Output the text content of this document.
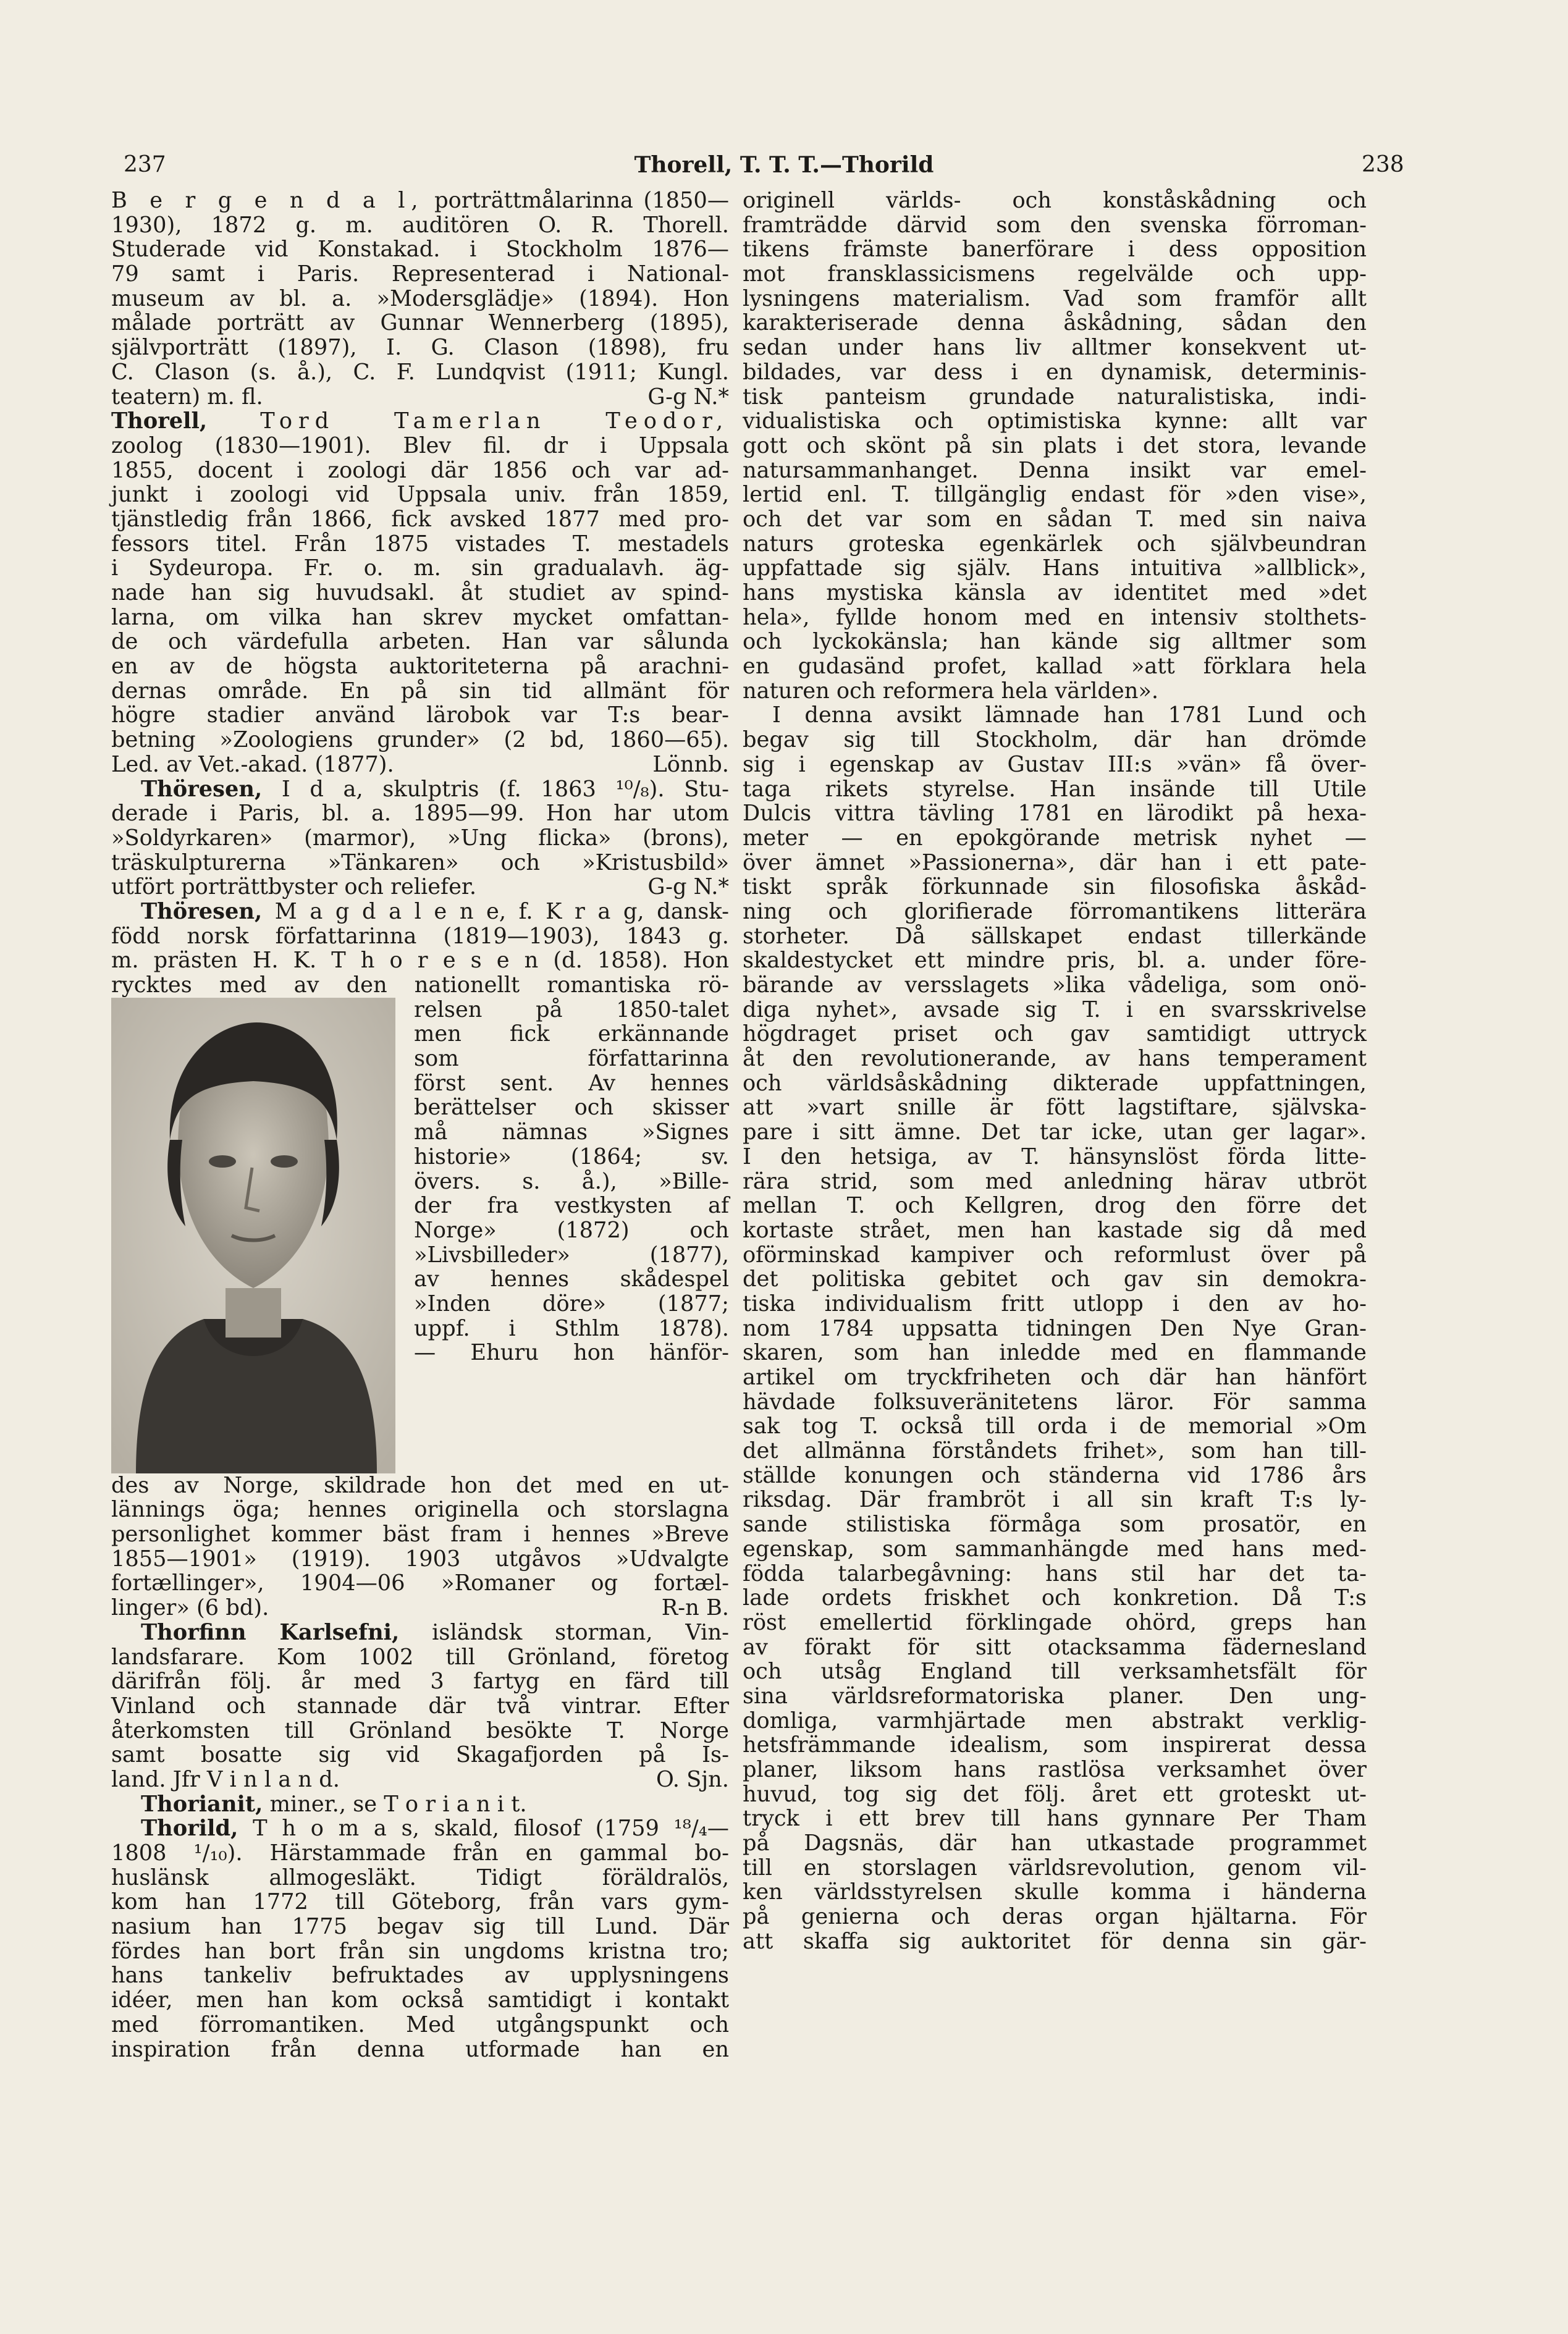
237	Thorell, T. T. T.—Thorild	238
B e r g e n d a l, porträttmålarinna (1850—
1930), 1872 g. m. auditören O. R. Thorell.
Studerade vid Konstakad. i Stockholm 1876—
79 samt i Paris. Representerad i National-
museum av bl. a. »Modersglädje» (1894). Hon
målade porträtt av Gunnar Wennerberg (1895),
självporträtt (1897), I. G. Clason (1898), fru
C. Clason (s. å.), C. F. Lundqvist (1911; Kungl.
teatern) m. fl.	G-g N.*
Thorell, Tord Tamerlan Teodor,
zoolog (1830—1901). Blev fil. dr i Uppsala
1855, docent i zoologi där 1856 och var ad-
junkt i zoologi vid Uppsala univ. från 1859,
tjänstledig från 1866, fick avsked 1877 med pro-
fessors titel. Från 1875 vistades T. mestadels
i Sydeuropa. Fr. o. m. sin gradualavh. äg-
nade han sig huvudsakl. åt studiet av spind-
larna, om vilka han skrev mycket omfattan-
de och värdefulla arbeten. Han var sålunda
en av de högsta auktoriteterna på arachni-
dernas område. En på sin tid allmänt för
högre stadier använd lärobok var T:s bear-
betning »Zoologiens grunder» (2 bd, 1860—65).
Led. av Vet.-akad. (1877).	Lönnb.
Thöresen, I d a, skulptris (f. 1863 ¹⁰/₈). Stu-
derade i Paris, bl. a. 1895—99. Hon har utom
»Soldyrkaren» (marmor), »Ung flicka» (brons),
träskulpturerna »Tänkaren» och »Kristusbild»
utfört porträttbyster och reliefer.	G-g N.*
Thöresen, M a g d a l e n e, f. K r a g, dansk-
född norsk författarinna (1819—1903), 1843 g.
m. prästen H. K. T h o r e s e n (d. 1858). Hon
rycktes med av den nationellt romantiska rö-
relsen på 1850-talet
men fick erkännande
som författarinna
först sent. Av hennes
berättelser och skisser
må nämnas »Signes
historie» (1864; sv.
övers. s. å.), »Bille-
der fra vestkysten af
Norge» (1872) och
»Livsbilleder» (1877),
av hennes skådespel
»Inden döre» (1877;
uppf. i Sthlm 1878).
— Ehuru hon hänför-
des av Norge, skildrade hon det med en ut-
lännings öga; hennes originella och storslagna
personlighet kommer bäst fram i hennes »Breve
1855—1901» (1919). 1903 utgåvos »Udvalgte
fortællinger», 1904—06 »Romaner og fortæl-
linger» (6 bd).	R-n B.
Thorfinn Karlsefni, isländsk storman, Vin-
landsfarare. Kom 1002 till Grönland, företog
därifrån följ. år med 3 fartyg en färd till
Vinland och stannade där två vintrar. Efter
återkomsten till Grönland besökte T. Norge
samt bosatte sig vid Skagafjorden på Is-
land. Jfr V i n l a n d.	O. Sjn.
Thorianit, miner., se T o r i a n i t.
Thorild, T h o m a s, skald, filosof (1759 ¹⁸/₄—
1808 ¹/₁₀). Härstammade från en gammal bo-
huslänsk allmogesläkt. Tidigt föräldralös,
kom han 1772 till Göteborg, från vars gym-
nasium han 1775 begav sig till Lund. Där
fördes han bort från sin ungdoms kristna tro;
hans tankeliv befruktades av upplysningens
idéer, men han kom också samtidigt i kontakt
med förromantiken. Med utgångspunkt och
inspiration från denna utformade han en
originell världs- och konståskådning och
framträdde därvid som den svenska förroman-
tikens främste banerförare i dess opposition
mot fransklassicismens regelvälde och upp-
lysningens materialism. Vad som framför allt
karakteriserade denna åskådning, sådan den
sedan under hans liv alltmer konsekvent ut-
bildades, var dess i en dynamisk, determinis-
tisk panteism grundade naturalistiska, indi-
vidualistiska och optimistiska kynne: allt var
gott och skönt på sin plats i det stora, levande
natursammanhanget. Denna insikt var emel-
lertid enl. T. tillgänglig endast för »den vise»,
och det var som en sådan T. med sin naiva
naturs groteska egenkärlek och självbeundran
uppfattade sig själv. Hans intuitiva »allblick»,
hans mystiska känsla av identitet med »det
hela», fyllde honom med en intensiv stolthets-
och lyckokänsla; han kände sig alltmer som
en gudasänd profet, kallad »att förklara hela
naturen och reformera hela världen».
I denna avsikt lämnade han 1781 Lund och
begav sig till Stockholm, där han drömde
sig i egenskap av Gustav III:s »vän» få över-
taga rikets styrelse. Han insände till Utile
Dulcis vittra tävling 1781 en lärodikt på hexa-
meter — en epokgörande metrisk nyhet —
över ämnet »Passionerna», där han i ett pate-
tiskt språk förkunnade sin filosofiska åskåd-
ning och glorifierade förromantikens litterära
storheter. Då sällskapet endast tillerkände
skaldestycket ett mindre pris, bl. a. under före-
bärande av versslagets »lika vådeliga, som onö-
diga nyhet», avsade sig T. i en svarsskrivelse
högdraget priset och gav samtidigt uttryck
åt den revolutionerande, av hans temperament
och världsåskådning dikterade uppfattningen,
att »vart snille är fött lagstiftare, självska-
pare i sitt ämne. Det tar icke, utan ger lagar».
I den hetsiga, av T. hänsynslöst förda litte-
rära strid, som med anledning härav utbröt
mellan T. och Kellgren, drog den förre det
kortaste strået, men han kastade sig då med
oförminskad kampiver och reformlust över på
det politiska gebitet och gav sin demokra-
tiska individualism fritt utlopp i den av ho-
nom 1784 uppsatta tidningen Den Nye Gran-
skaren, som han inledde med en flammande
artikel om tryckfriheten och där han hänfört
hävdade folksuveränitetens läror. För samma
sak tog T. också till orda i de memorial »Om
det allmänna förståndets frihet», som han till-
ställde konungen och ständerna vid 1786 års
riksdag. Där frambröt i all sin kraft T:s ly-
sande stilistiska förmåga som prosatör, en
egenskap, som sammanhängde med hans med-
födda talarbegåvning: hans stil har det ta-
lade ordets friskhet och konkretion. Då T:s
röst emellertid förklingade ohörd, greps han
av förakt för sitt otacksamma fädernesland
och utsåg England till verksamhetsfält för
sina världsreformatoriska planer. Den ung-
domliga, varmhjärtade men abstrakt verklig-
hetsfrämmande idealism, som inspirerat dessa
planer, liksom hans rastlösa verksamhet över
huvud, tog sig det följ. året ett groteskt ut-
tryck i ett brev till hans gynnare Per Tham
på Dagsnäs, där han utkastade programmet
till en storslagen världsrevolution, genom vil-
ken världsstyrelsen skulle komma i händerna
på genierna och deras organ hjältarna. För
att skaffa sig auktoritet för denna sin gär-
